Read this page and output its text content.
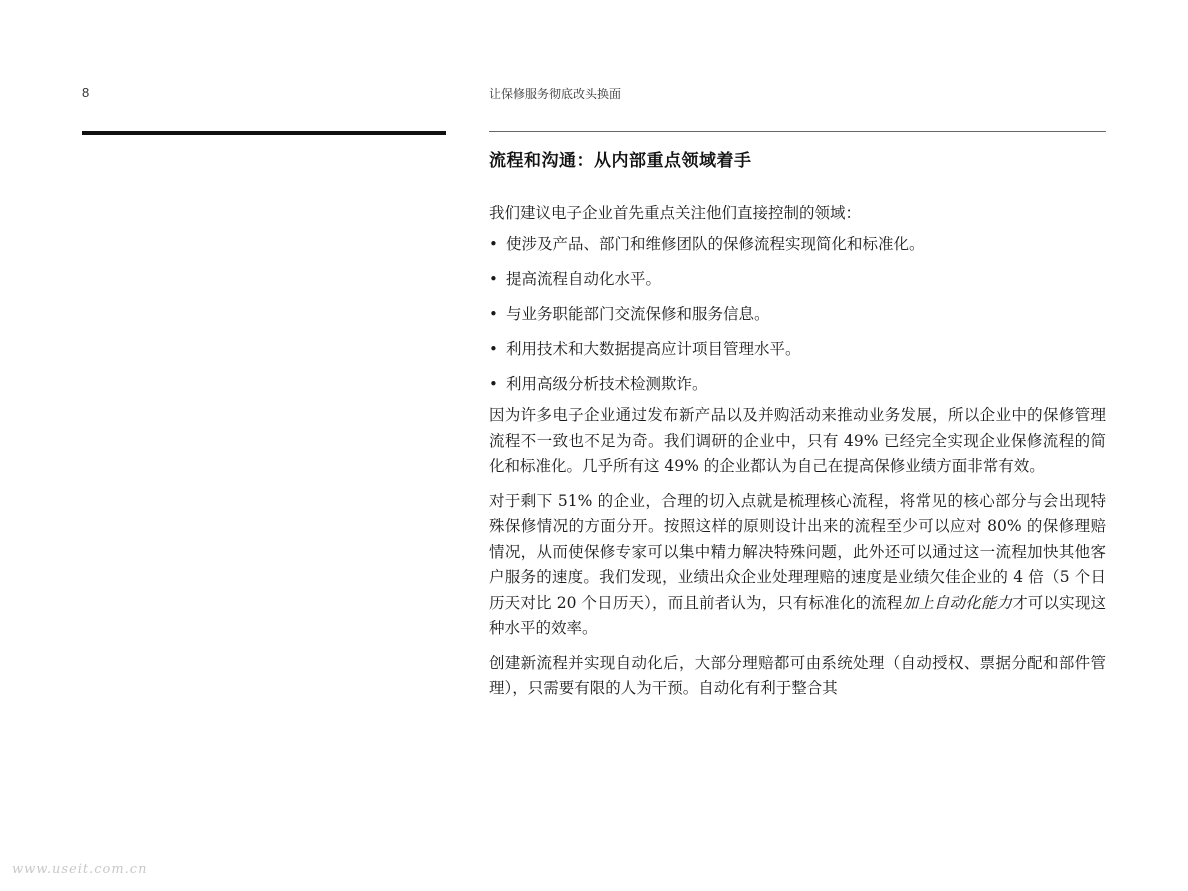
8	让保修服务彻底改头换面
流程和沟通：从内部重点领域着手

我们建议电子企业首先重点关注他们直接控制的领域：

• 使涉及产品、部门和维修团队的保修流程实现简化和标准化。
• 提高流程自动化水平。
• 与业务职能部门交流保修和服务信息。
• 利用技术和大数据提高应计项目管理水平。
• 利用高级分析技术检测欺诈。

因为许多电子企业通过发布新产品以及并购活动来推动业务发展，所以企业中的保修管理流程不一致也不足为奇。我们调研的企业中，只有 49% 已经完全实现企业保修流程的简化和标准化。几乎所有这 49% 的企业都认为自己在提高保修业绩方面非常有效。

对于剩下 51% 的企业，合理的切入点就是梳理核心流程，将常见的核心部分与会出现特殊保修情况的方面分开。按照这样的原则设计出来的流程至少可以应对 80% 的保修理赔情况，从而使保修专家可以集中精力解决特殊问题，此外还可以通过这一流程加快其他客户服务的速度。我们发现，业绩出众企业处理理赔的速度是业绩欠佳企业的 4 倍（5 个日历天对比 20 个日历天），而且前者认为，只有标准化的流程加上自动化能力才可以实现这种水平的效率。

创建新流程并实现自动化后，大部分理赔都可由系统处理（自动授权、票据分配和部件管理），只需要有限的人为干预。自动化有利于整合其

www.useit.com.cn
